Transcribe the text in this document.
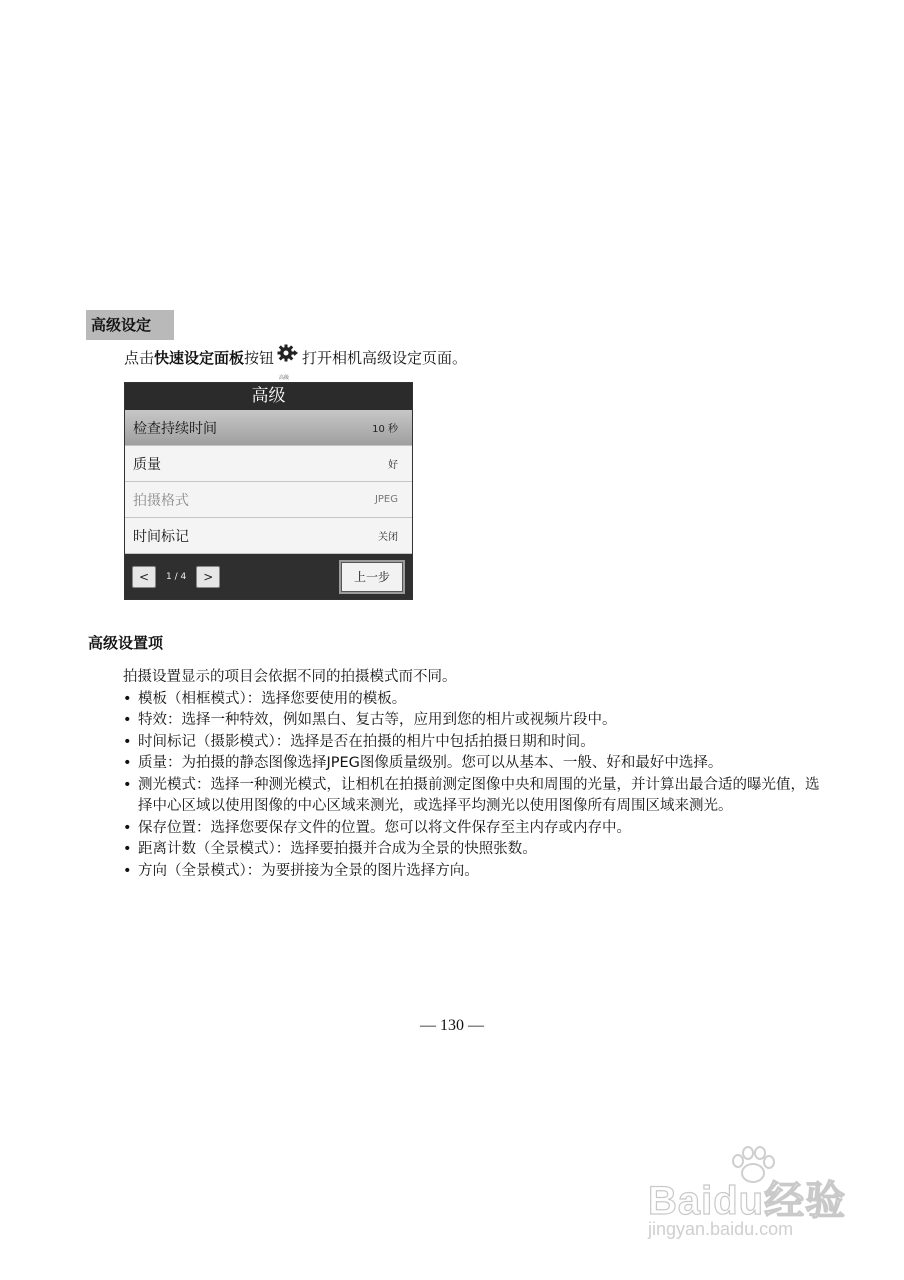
高级设定
点击 快速设定面板 按钮
高级
打开相机高级设定页面。
高级
检查持续时间	10 秒
质量	好
拍摄格式	JPEG
时间标记	关闭
<	1 / 4	>	上一步
高级设置项
拍摄设置显示的项目会依据不同的拍摄模式而不同。
• 模板（相框模式）：选择您要使用的模板。
• 特效：选择一种特效，例如黑白、复古等，应用到您的相片或视频片段中。
• 时间标记（摄影模式）：选择是否在拍摄的相片中包括拍摄日期和时间。
• 质量：为拍摄的静态图像选择JPEG图像质量级别。您可以从基本、一般、好和最好中选择。
• 测光模式：选择一种测光模式，让相机在拍摄前测定图像中央和周围的光量，并计算出最合适的曝光值，选择中心区域以使用图像的中心区域来测光，或选择平均测光以使用图像所有周围区域来测光。
• 保存位置：选择您要保存文件的位置。您可以将文件保存至主内存或内存中。
• 距离计数（全景模式）：选择要拍摄并合成为全景的快照张数。
• 方向（全景模式）：为要拼接为全景的图片选择方向。
— 130 —
Baidu经验
jingyan.baidu.com
